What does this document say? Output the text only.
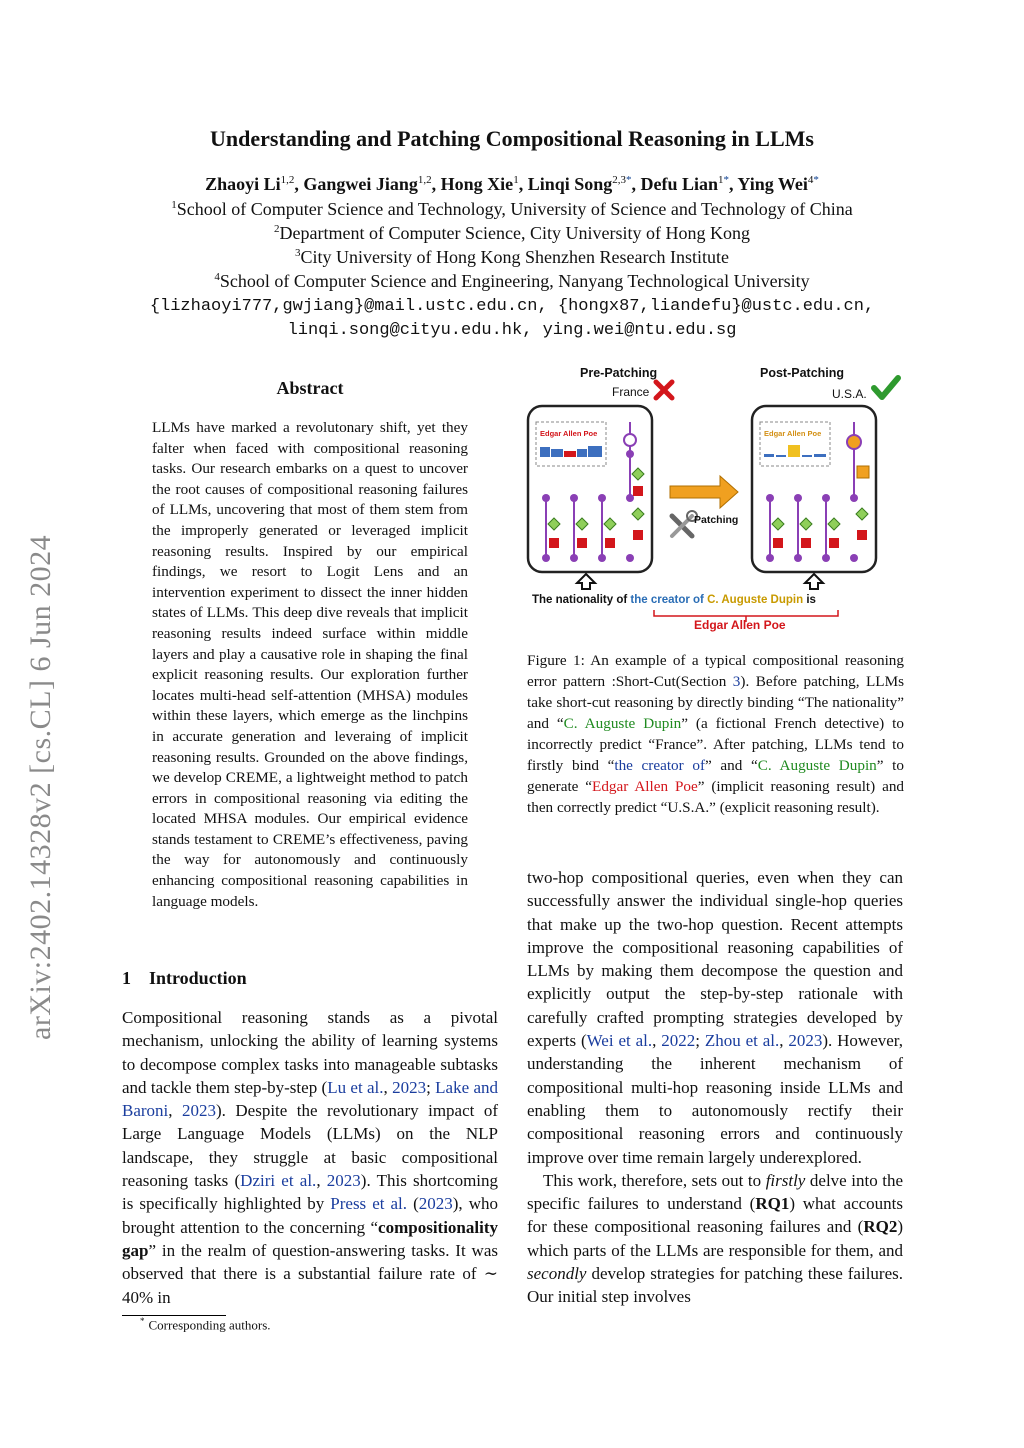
Understanding and Patching Compositional Reasoning in LLMs
Zhaoyi Li$^{1,2}$, Gangwei Jiang$^{1,2}$, Hong Xie$^1$, Linqi Song$^{2,3*}$, Defu Lian$^{1*}$, Ying Wei$^{4*}$
$^1$School of Computer Science and Technology, University of Science and Technology of China
$^2$Department of Computer Science, City University of Hong Kong
$^3$City University of Hong Kong Shenzhen Research Institute
$^4$School of Computer Science and Engineering, Nanyang Technological University
{lizhaoyi777,gwjiang}@mail.ustc.edu.cn, {hongx87,liandefu}@ustc.edu.cn,
linqi.song@cityu.edu.hk, ying.wei@ntu.edu.sg
arXiv:2402.14328v2 [cs.CL] 6 Jun 2024
Abstract
LLMs have marked a revolutonary shift, yet they falter when faced with compositional reasoning tasks. Our research embarks on a quest to uncover the root causes of compositional reasoning failures of LLMs, uncovering that most of them stem from the improperly generated or leveraged implicit reasoning results. Inspired by our empirical findings, we resort to Logit Lens and an intervention experiment to dissect the inner hidden states of LLMs. This deep dive reveals that implicit reasoning results indeed surface within middle layers and play a causative role in shaping the final explicit reasoning results. Our exploration further locates multi-head self-attention (MHSA) modules within these layers, which emerge as the linchpins in accurate generation and leveraing of implicit reasoning results. Grounded on the above findings, we develop CREME, a lightweight method to patch errors in compositional reasoning via editing the located MHSA modules. Our empirical evidence stands testament to CREME’s effectiveness, paving the way for autonomously and continuously enhancing compositional reasoning capabilities in language models.
1 Introduction
Compositional reasoning stands as a pivotal mechanism, unlocking the ability of learning systems to decompose complex tasks into manageable subtasks and tackle them step-by-step (Lu et al., 2023; Lake and Baroni, 2023). Despite the revolutionary impact of Large Language Models (LLMs) on the NLP landscape, they struggle at basic compositional reasoning tasks (Dziri et al., 2023). This shortcoming is specifically highlighted by Press et al. (2023), who brought attention to the concerning “compositionality gap” in the realm of question-answering tasks. It was observed that there is a substantial failure rate of ∼ 40% in
* Corresponding authors.
Pre-Patching	Post-Patching
France	U.S.A.
Edgar Allen Poe
Patching
Edgar Allen Poe
The nationality of the creator of C. Auguste Dupin is
Edgar Allen Poe
Figure 1: An example of a typical compositional reasoning error pattern :Short-Cut(Section 3). Before patching, LLMs take short-cut reasoning by directly binding “The nationality” and “C. Auguste Dupin” (a fictional French detective) to incorrectly predict “France”. After patching, LLMs tend to firstly bind “the creator of” and “C. Auguste Dupin” to generate “Edgar Allen Poe” (implicit reasoning result) and then correctly predict “U.S.A.” (explicit reasoning result).

two-hop compositional queries, even when they can successfully answer the individual single-hop queries that make up the two-hop question. Recent attempts improve the compositional reasoning capabilities of LLMs by making them decompose the question and explicitly output the step-by-step rationale with carefully crafted prompting strategies developed by experts (Wei et al., 2022; Zhou et al., 2023). However, understanding the inherent mechanism of compositional multi-hop reasoning inside LLMs and enabling them to autonomously rectify their compositional reasoning errors and continuously improve over time remain largely underexplored.

This work, therefore, sets out to firstly delve into the specific failures to understand (RQ1) what accounts for these compositional reasoning failures and (RQ2) which parts of the LLMs are responsible for them, and secondly develop strategies for patching these failures. Our initial step involves
